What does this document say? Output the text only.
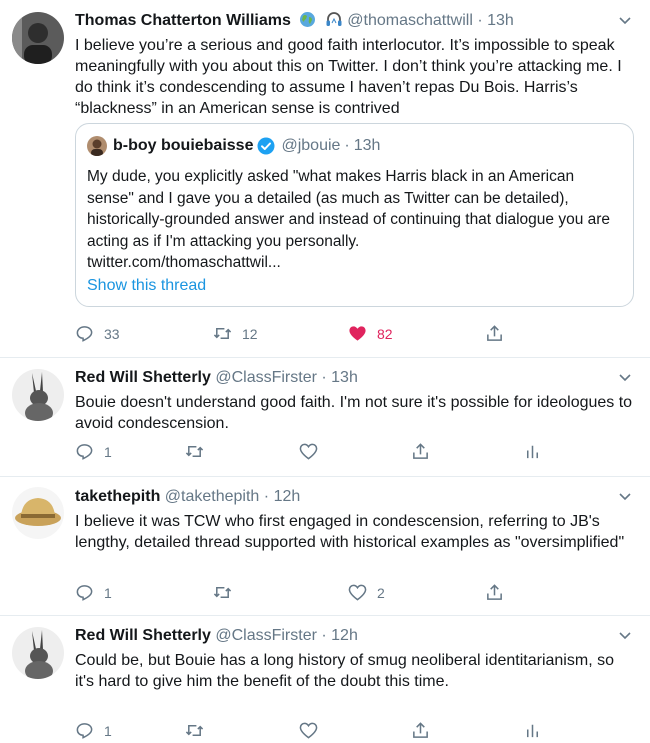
Thomas Chatterton Williams	@thomaschattwill · 13h
I believe you’re a serious and good faith interlocutor. It’s impossible to speak meaningfully with you about this on Twitter. I don’t think you’re attacking me. I do think it’s condescending to assume I haven’t repas Du Bois. Harris’s “blackness” in an American sense is contrived
b-boy bouiebaisse @jbouie · 13h
My dude, you explicitly asked "what makes Harris black in an American sense" and I gave you a detailed (as much as Twitter can be detailed), historically-grounded answer and instead of continuing that dialogue you are acting as if I'm attacking you personally.
twitter.com/thomaschattwil...
Show this thread
33	12	82
Red Will Shetterly @ClassFirster · 13h
Bouie doesn't understand good faith. I'm not sure it's possible for ideologues to avoid condescension.
1
takethepith @takethepith · 12h
I believe it was TCW who first engaged in condescension, referring to JB's lengthy, detailed thread supported with historical examples as "oversimplified"
1	2
Red Will Shetterly @ClassFirster · 12h
Could be, but Bouie has a long history of smug neoliberal identitarianism, so it's hard to give him the benefit of the doubt this time.
1
